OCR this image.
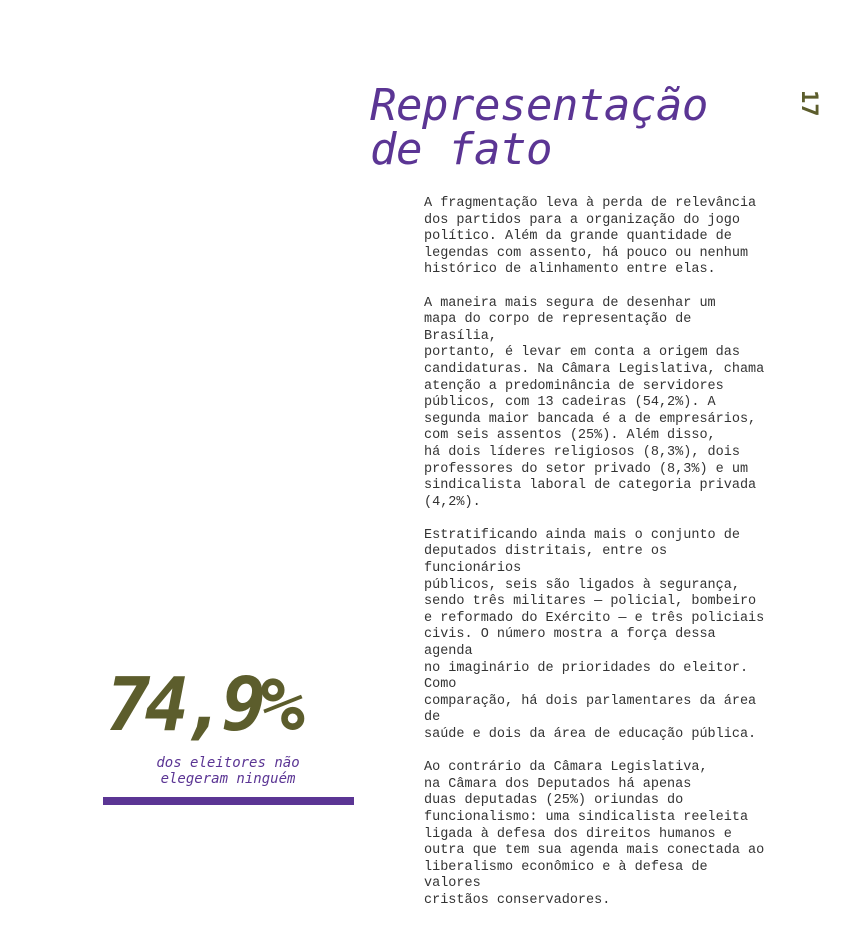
17
Representação
de fato

A fragmentação leva à perda de relevância
dos partidos para a organização do jogo
político. Além da grande quantidade de
legendas com assento, há pouco ou nenhum
histórico de alinhamento entre elas.

A maneira mais segura de desenhar um
mapa do corpo de representação de Brasília,
portanto, é levar em conta a origem das
candidaturas. Na Câmara Legislativa, chama
atenção a predominância de servidores
públicos, com 13 cadeiras (54,2%). A
segunda maior bancada é a de empresários,
com seis assentos (25%). Além disso,
há dois líderes religiosos (8,3%), dois
professores do setor privado (8,3%) e um
sindicalista laboral de categoria privada
(4,2%).

Estratificando ainda mais o conjunto de
deputados distritais, entre os funcionários
públicos, seis são ligados à segurança,
sendo três militares — policial, bombeiro
e reformado do Exército — e três policiais
civis. O número mostra a força dessa agenda
no imaginário de prioridades do eleitor. Como
comparação, há dois parlamentares da área de
saúde e dois da área de educação pública.

Ao contrário da Câmara Legislativa,
na Câmara dos Deputados há apenas
duas deputadas (25%) oriundas do
funcionalismo: uma sindicalista reeleita
ligada à defesa dos direitos humanos e
outra que tem sua agenda mais conectada ao
liberalismo econômico e à defesa de valores
cristãos conservadores.

74,9%
dos eleitores não
elegeram ninguém
